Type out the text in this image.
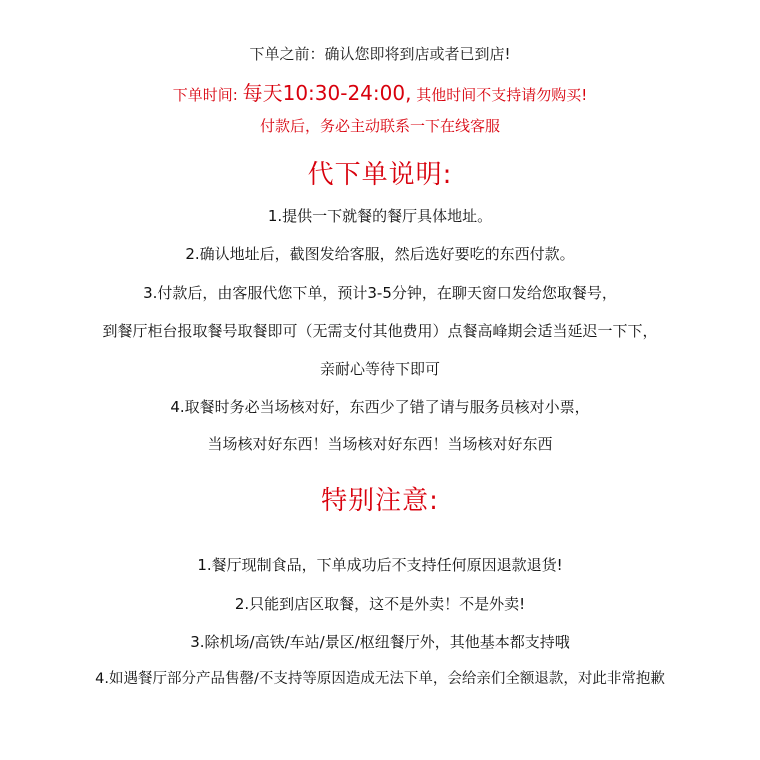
下单之前：确认您即将到店或者已到店!
下单时间: 每天10:30-24:00, 其他时间不支持请勿购买!
付款后，务必主动联系一下在线客服
代下单说明:
1.提供一下就餐的餐厅具体地址。
2.确认地址后，截图发给客服，然后选好要吃的东西付款。
3.付款后，由客服代您下单，预计3-5分钟，在聊天窗口发给您取餐号，
到餐厅柜台报取餐号取餐即可（无需支付其他费用）点餐高峰期会适当延迟一下下，
亲耐心等待下即可
4.取餐时务必当场核对好，东西少了错了请与服务员核对小票，
当场核对好东西！当场核对好东西！当场核对好东西
特别注意:
1.餐厅现制食品，下单成功后不支持任何原因退款退货!
2.只能到店区取餐，这不是外卖！不是外卖!
3.除机场/高铁/车站/景区/枢纽餐厅外，其他基本都支持哦
4.如遇餐厅部分产品售罄/不支持等原因造成无法下单，会给亲们全额退款，对此非常抱歉
